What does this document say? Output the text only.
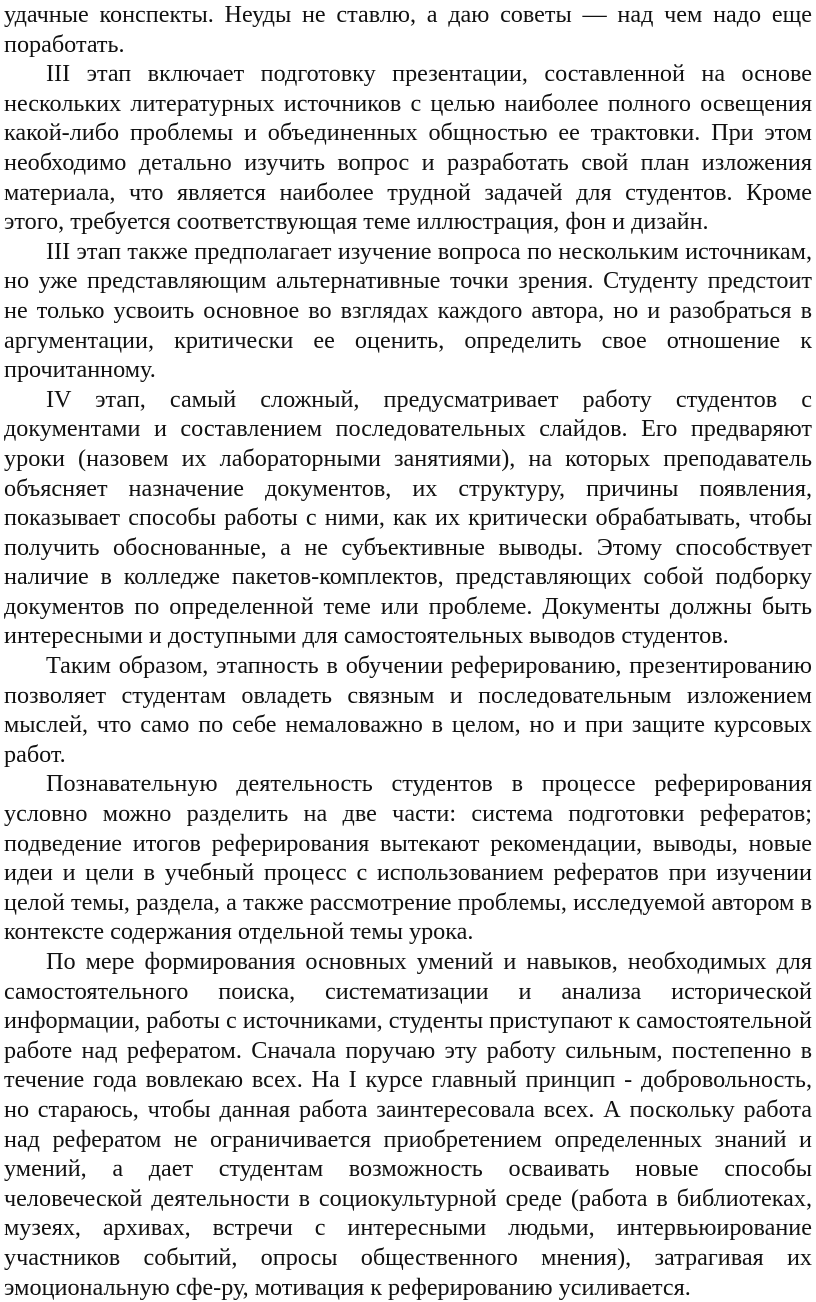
удачные конспекты. Неуды не ставлю, а даю советы — над чем надо еще поработать.

III этап включает подготовку презентации, составленной на основе нескольких литературных источников с целью наиболее полного освещения какой-либо проблемы и объединенных общностью ее трактовки. При этом необходимо детально изучить вопрос и разработать свой план изложения материала, что является наиболее трудной задачей для студентов. Кроме этого, требуется соответствующая теме иллюстрация, фон и дизайн.

III этап также предполагает изучение вопроса по нескольким источникам, но уже представляющим альтернативные точки зрения. Студенту предстоит не только усвоить основное во взглядах каждого автора, но и разобраться в аргументации, критически ее оценить, определить свое отношение к прочитанному.

IV этап, самый сложный, предусматривает работу студентов с документами и составлением последовательных слайдов. Его предваряют уроки (назовем их лабораторными занятиями), на которых преподаватель объясняет назначение документов, их структуру, причины появления, показывает способы работы с ними, как их критически обрабатывать, чтобы получить обоснованные, а не субъективные выводы. Этому способствует наличие в колледже пакетов-комплектов, представляющих собой подборку документов по определенной теме или проблеме. Документы должны быть интересными и доступными для самостоятельных выводов студентов.

Таким образом, этапность в обучении реферированию, презентированию позволяет студентам овладеть связным и последовательным изложением мыслей, что само по себе немаловажно в целом, но и при защите курсовых работ.

Познавательную деятельность студентов в процессе реферирования условно можно разделить на две части: система подготовки рефератов; подведение итогов реферирования вытекают рекомендации, выводы, новые идеи и цели в учебный процесс с использованием рефератов при изучении целой темы, раздела, а также рассмотрение проблемы, исследуемой автором в контексте содержания отдельной темы урока.

По мере формирования основных умений и навыков, необходимых для самостоятельного поиска, систематизации и анализа исторической информации, работы с источниками, студенты приступают к самостоятельной работе над рефератом. Сначала поручаю эту работу сильным, постепенно в течение года вовлекаю всех. На I курсе главный принцип - добровольность, но стараюсь, чтобы данная работа заинтересовала всех. А поскольку работа над рефератом не ограничивается приобретением определенных знаний и умений, а дает студентам возможность осваивать новые способы человеческой деятельности в социокультурной среде (работа в библиотеках, музеях, архивах, встречи с интересными людьми, интервьюирование участников событий, опросы общественного мнения), затрагивая их эмоциональную сфе-ру, мотивация к реферированию усиливается.
